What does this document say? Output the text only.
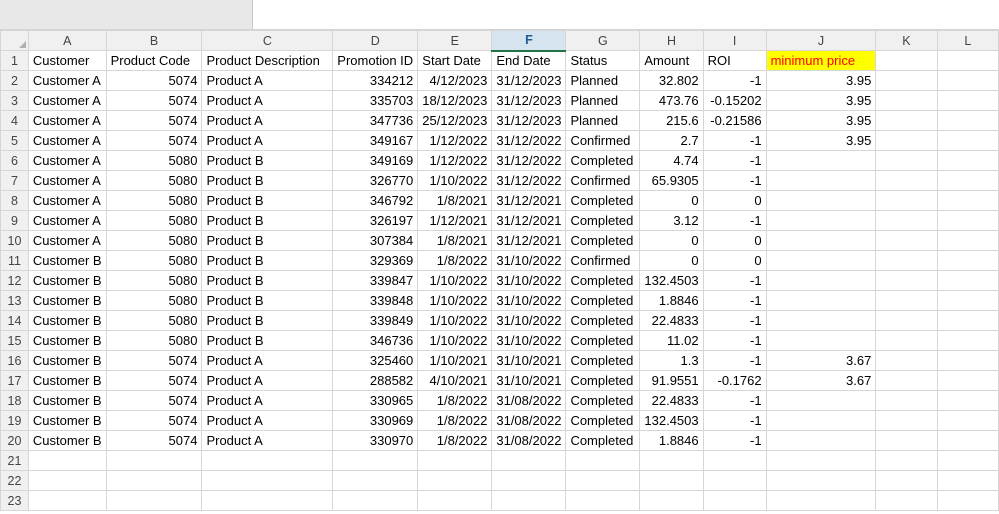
	A	B	C	D	E	F	G	H	I	J	K	L
1	Customer	Product Code	Product Description	Promotion ID	Start Date	End Date	Status	Amount	ROI	minimum price		
2	Customer A	5074	Product A	334212	4/12/2023	31/12/2023	Planned	32.802	-1	3.95		
3	Customer A	5074	Product A	335703	18/12/2023	31/12/2023	Planned	473.76	-0.15202	3.95		
4	Customer A	5074	Product A	347736	25/12/2023	31/12/2023	Planned	215.6	-0.21586	3.95		
5	Customer A	5074	Product A	349167	1/12/2022	31/12/2022	Confirmed	2.7	-1	3.95		
6	Customer A	5080	Product B	349169	1/12/2022	31/12/2022	Completed	4.74	-1			
7	Customer A	5080	Product B	326770	1/10/2022	31/12/2022	Confirmed	65.9305	-1			
8	Customer A	5080	Product B	346792	1/8/2021	31/12/2021	Completed	0	0			
9	Customer A	5080	Product B	326197	1/12/2021	31/12/2021	Completed	3.12	-1			
10	Customer A	5080	Product B	307384	1/8/2021	31/12/2021	Completed	0	0			
11	Customer B	5080	Product B	329369	1/8/2022	31/10/2022	Confirmed	0	0			
12	Customer B	5080	Product B	339847	1/10/2022	31/10/2022	Completed	132.4503	-1			
13	Customer B	5080	Product B	339848	1/10/2022	31/10/2022	Completed	1.8846	-1			
14	Customer B	5080	Product B	339849	1/10/2022	31/10/2022	Completed	22.4833	-1			
15	Customer B	5080	Product B	346736	1/10/2022	31/10/2022	Completed	11.02	-1			
16	Customer B	5074	Product A	325460	1/10/2021	31/10/2021	Completed	1.3	-1	3.67		
17	Customer B	5074	Product A	288582	4/10/2021	31/10/2021	Completed	91.9551	-0.1762	3.67		
18	Customer B	5074	Product A	330965	1/8/2022	31/08/2022	Completed	22.4833	-1			
19	Customer B	5074	Product A	330969	1/8/2022	31/08/2022	Completed	132.4503	-1			
20	Customer B	5074	Product A	330970	1/8/2022	31/08/2022	Completed	1.8846	-1			
21												
22												
23												
